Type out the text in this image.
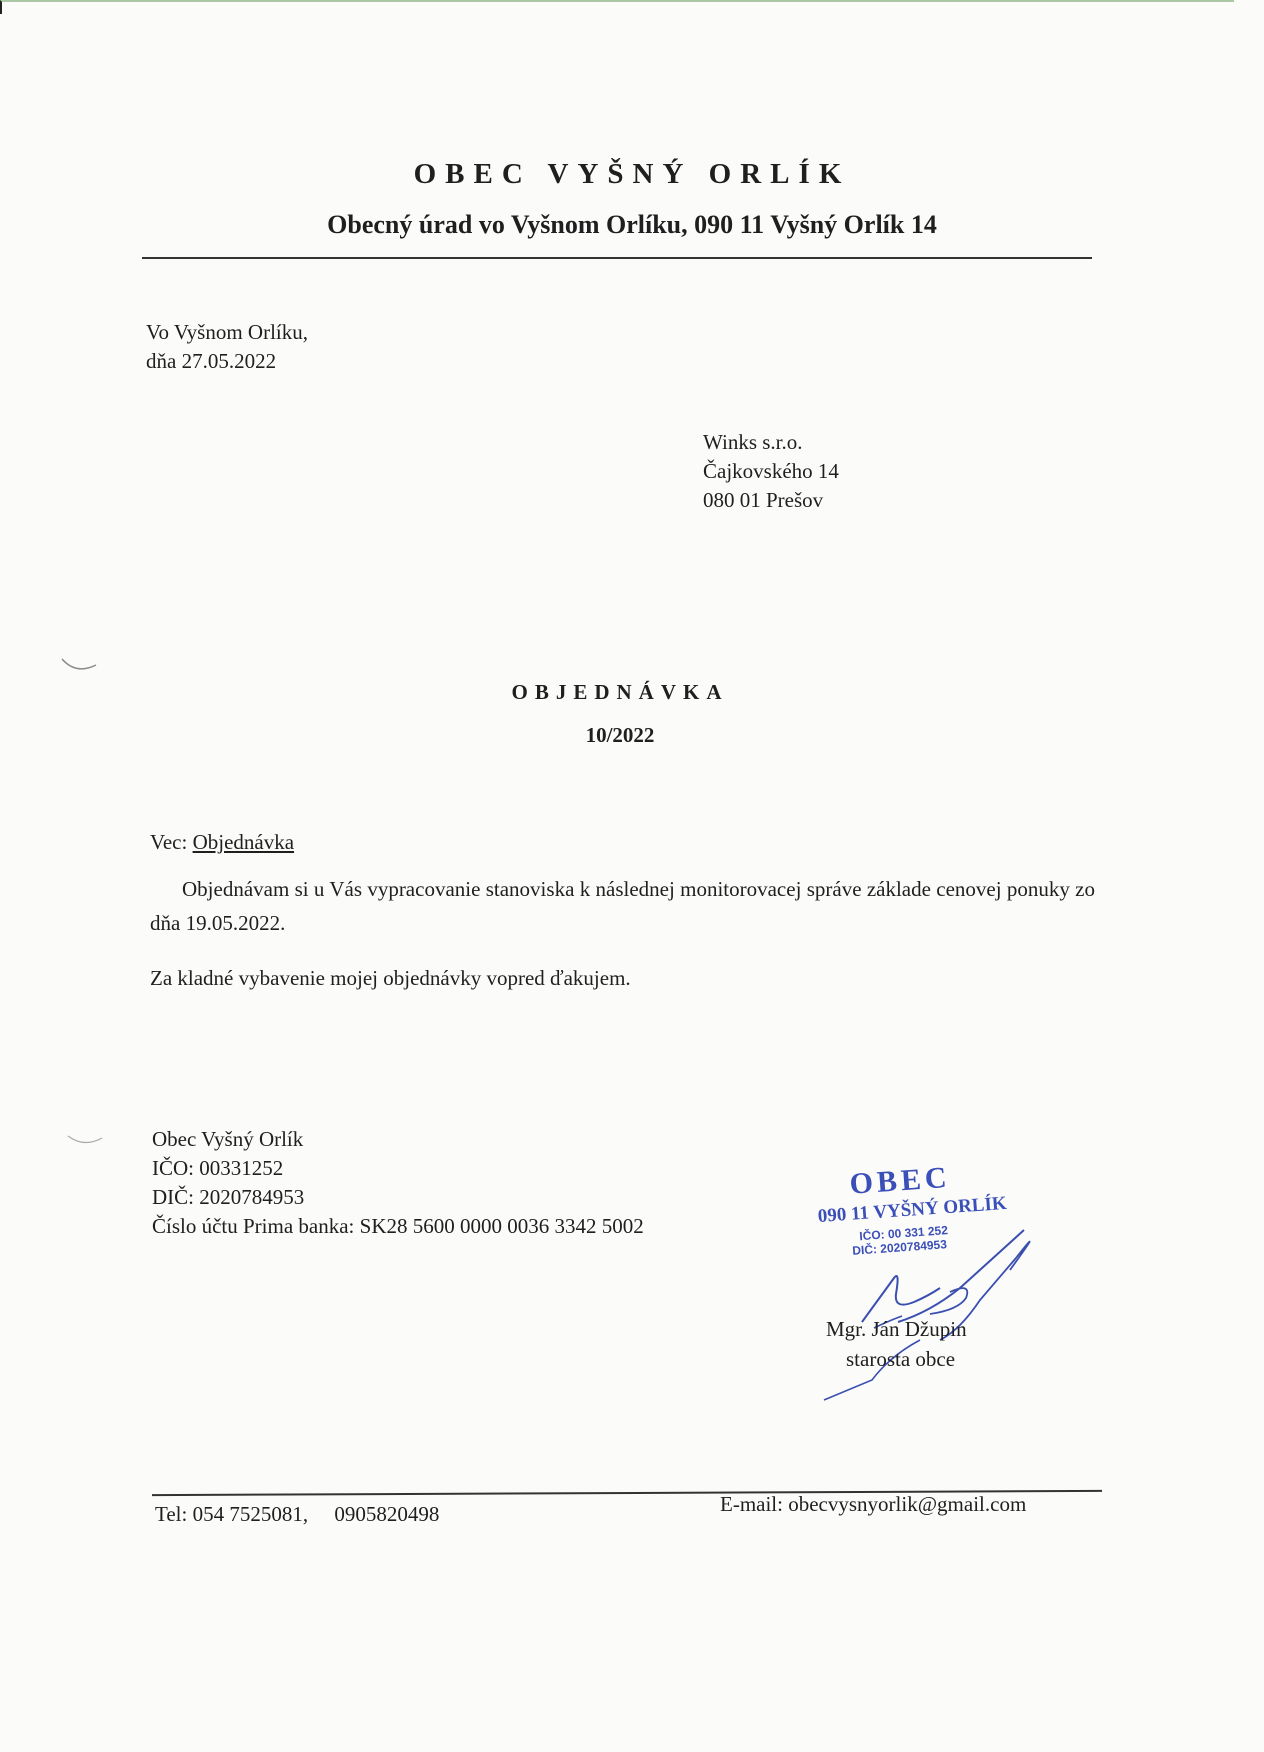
OBEC VYŠNÝ ORLÍK
Obecný úrad vo Vyšnom Orlíku, 090 11 Vyšný Orlík 14
Vo Vyšnom Orlíku,
dňa 27.05.2022
Winks s.r.o.
Čajkovského 14
080 01 Prešov
OBJEDNÁVKA
10/2022
Vec: Objednávka
Objednávam si u Vás vypracovanie stanoviska k následnej monitorovacej správe základe cenovej ponuky zo dňa 19.05.2022.
Za kladné vybavenie mojej objednávky vopred ďakujem.
Obec Vyšný Orlík
IČO: 00331252
DIČ: 2020784953
Číslo účtu Prima banka: SK28 5600 0000 0036 3342 5002
OBEC
090 11 VYŠNÝ ORLÍK
IČO: 00 331 252
DIČ: 2020784953
Mgr. Ján Džupin
starosta obce
Tel: 054 7525081,     0905820498	E-mail: obecvysnyorlik@gmail.com
